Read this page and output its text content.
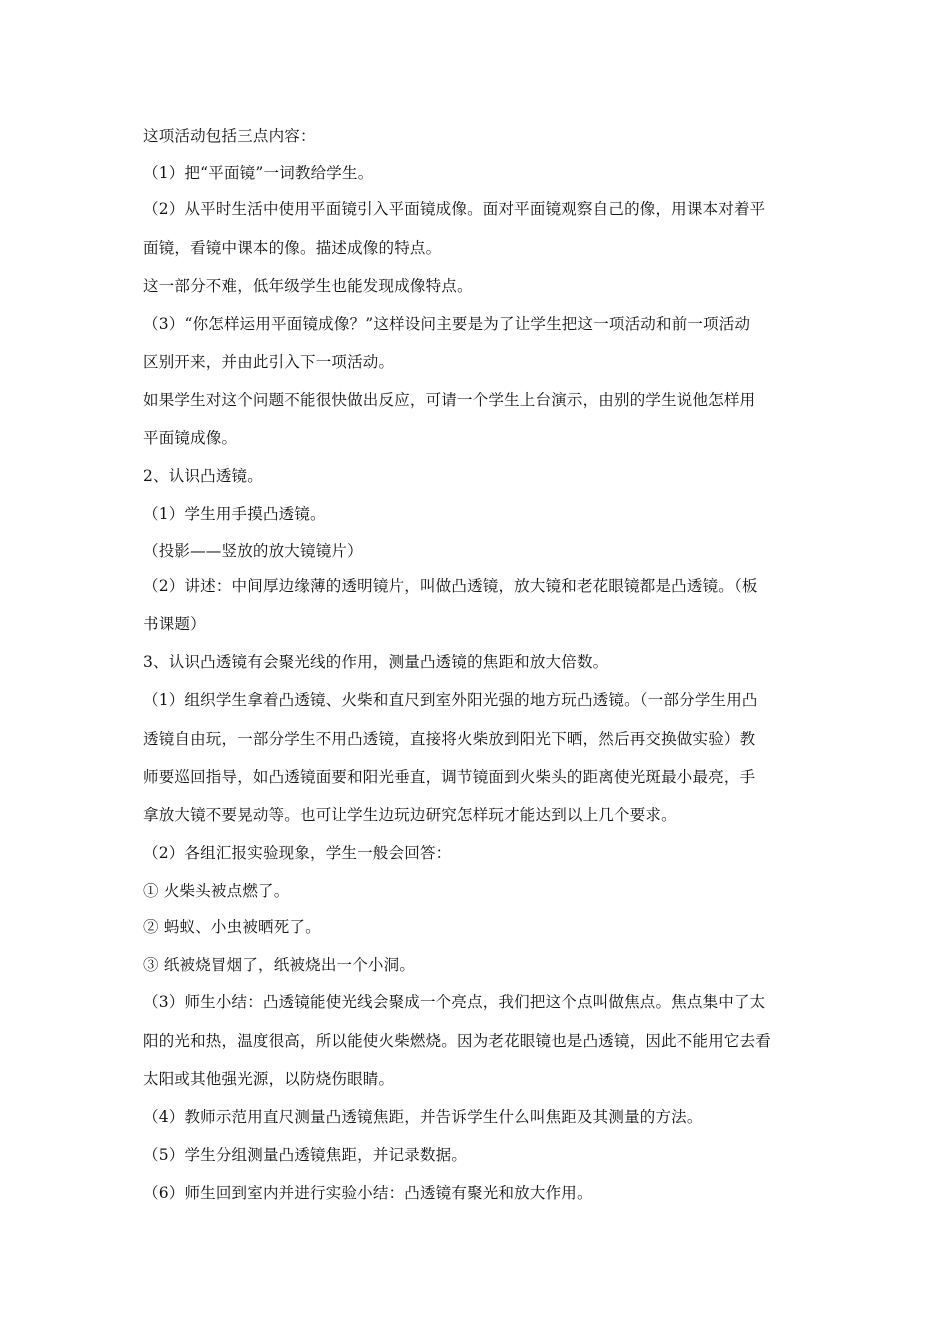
这项活动包括三点内容：
（1）把“平面镜”一词教给学生。
（2）从平时生活中使用平面镜引入平面镜成像。面对平面镜观察自己的像，用课本对着平
面镜，看镜中课本的像。描述成像的特点。
这一部分不难，低年级学生也能发现成像特点。
（3）“你怎样运用平面镜成像？”这样设问主要是为了让学生把这一项活动和前一项活动
区别开来，并由此引入下一项活动。
如果学生对这个问题不能很快做出反应，可请一个学生上台演示，由别的学生说他怎样用
平面镜成像。
2、认识凸透镜。
（1）学生用手摸凸透镜。
（投影——竖放的放大镜镜片）
（2）讲述：中间厚边缘薄的透明镜片，叫做凸透镜，放大镜和老花眼镜都是凸透镜。（板
书课题）
3、认识凸透镜有会聚光线的作用，测量凸透镜的焦距和放大倍数。
（1）组织学生拿着凸透镜、火柴和直尺到室外阳光强的地方玩凸透镜。（一部分学生用凸
透镜自由玩，一部分学生不用凸透镜，直接将火柴放到阳光下晒，然后再交换做实验）教
师要巡回指导，如凸透镜面要和阳光垂直，调节镜面到火柴头的距离使光斑最小最亮，手
拿放大镜不要晃动等。也可让学生边玩边研究怎样玩才能达到以上几个要求。
（2）各组汇报实验现象，学生一般会回答：
① 火柴头被点燃了。
② 蚂蚁、小虫被晒死了。
③ 纸被烧冒烟了，纸被烧出一个小洞。
（3）师生小结：凸透镜能使光线会聚成一个亮点，我们把这个点叫做焦点。焦点集中了太
阳的光和热，温度很高，所以能使火柴燃烧。因为老花眼镜也是凸透镜，因此不能用它去看
太阳或其他强光源，以防烧伤眼睛。
（4）教师示范用直尺测量凸透镜焦距，并告诉学生什么叫焦距及其测量的方法。
（5）学生分组测量凸透镜焦距，并记录数据。
（6）师生回到室内并进行实验小结：凸透镜有聚光和放大作用。
